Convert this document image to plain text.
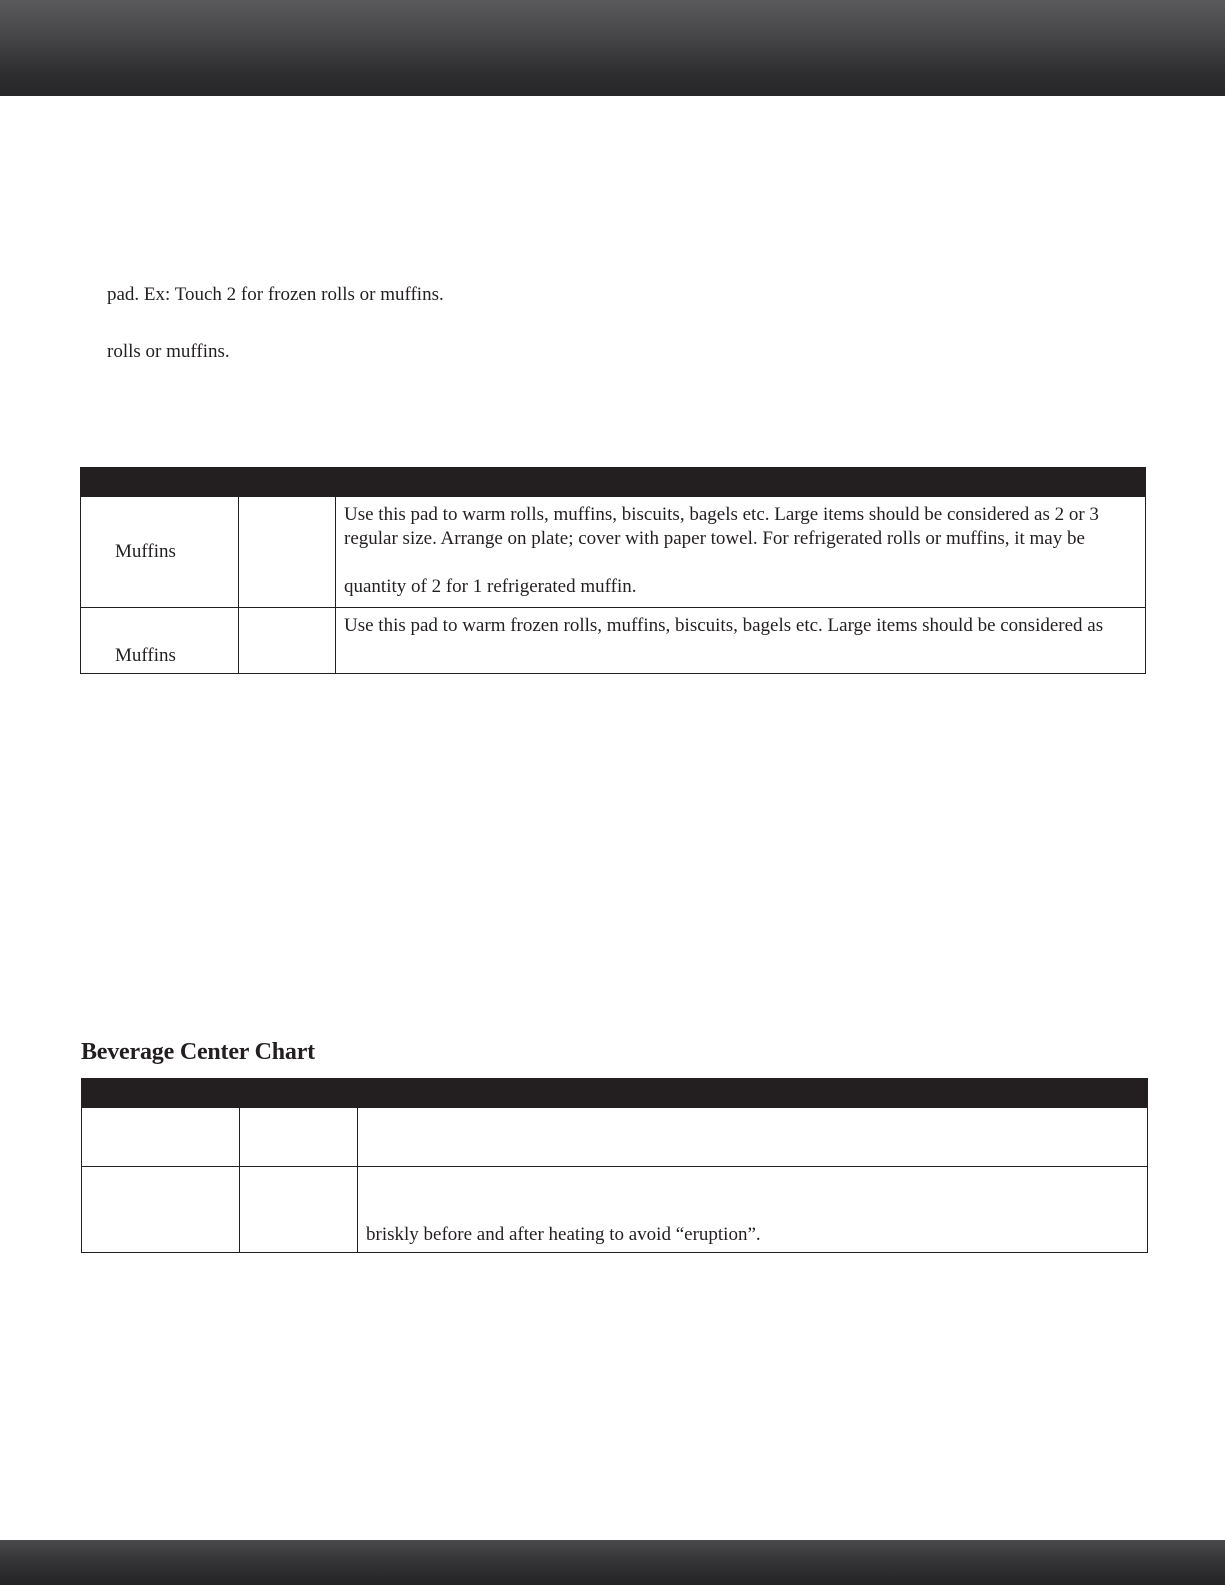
pad. Ex: Touch 2 for frozen rolls or muffins.
rolls or muffins.

Muffins		Use this pad to warm rolls, muffins, biscuits, bagels etc. Large items should be considered as 2 or 3
regular size. Arrange on plate; cover with paper towel. For refrigerated rolls or muffins, it may be
quantity of 2 for 1 refrigerated muffin.

Muffins		Use this pad to warm frozen rolls, muffins, biscuits, bagels etc. Large items should be considered as
Beverage Center Chart

		briskly before and after heating to avoid “eruption”.
